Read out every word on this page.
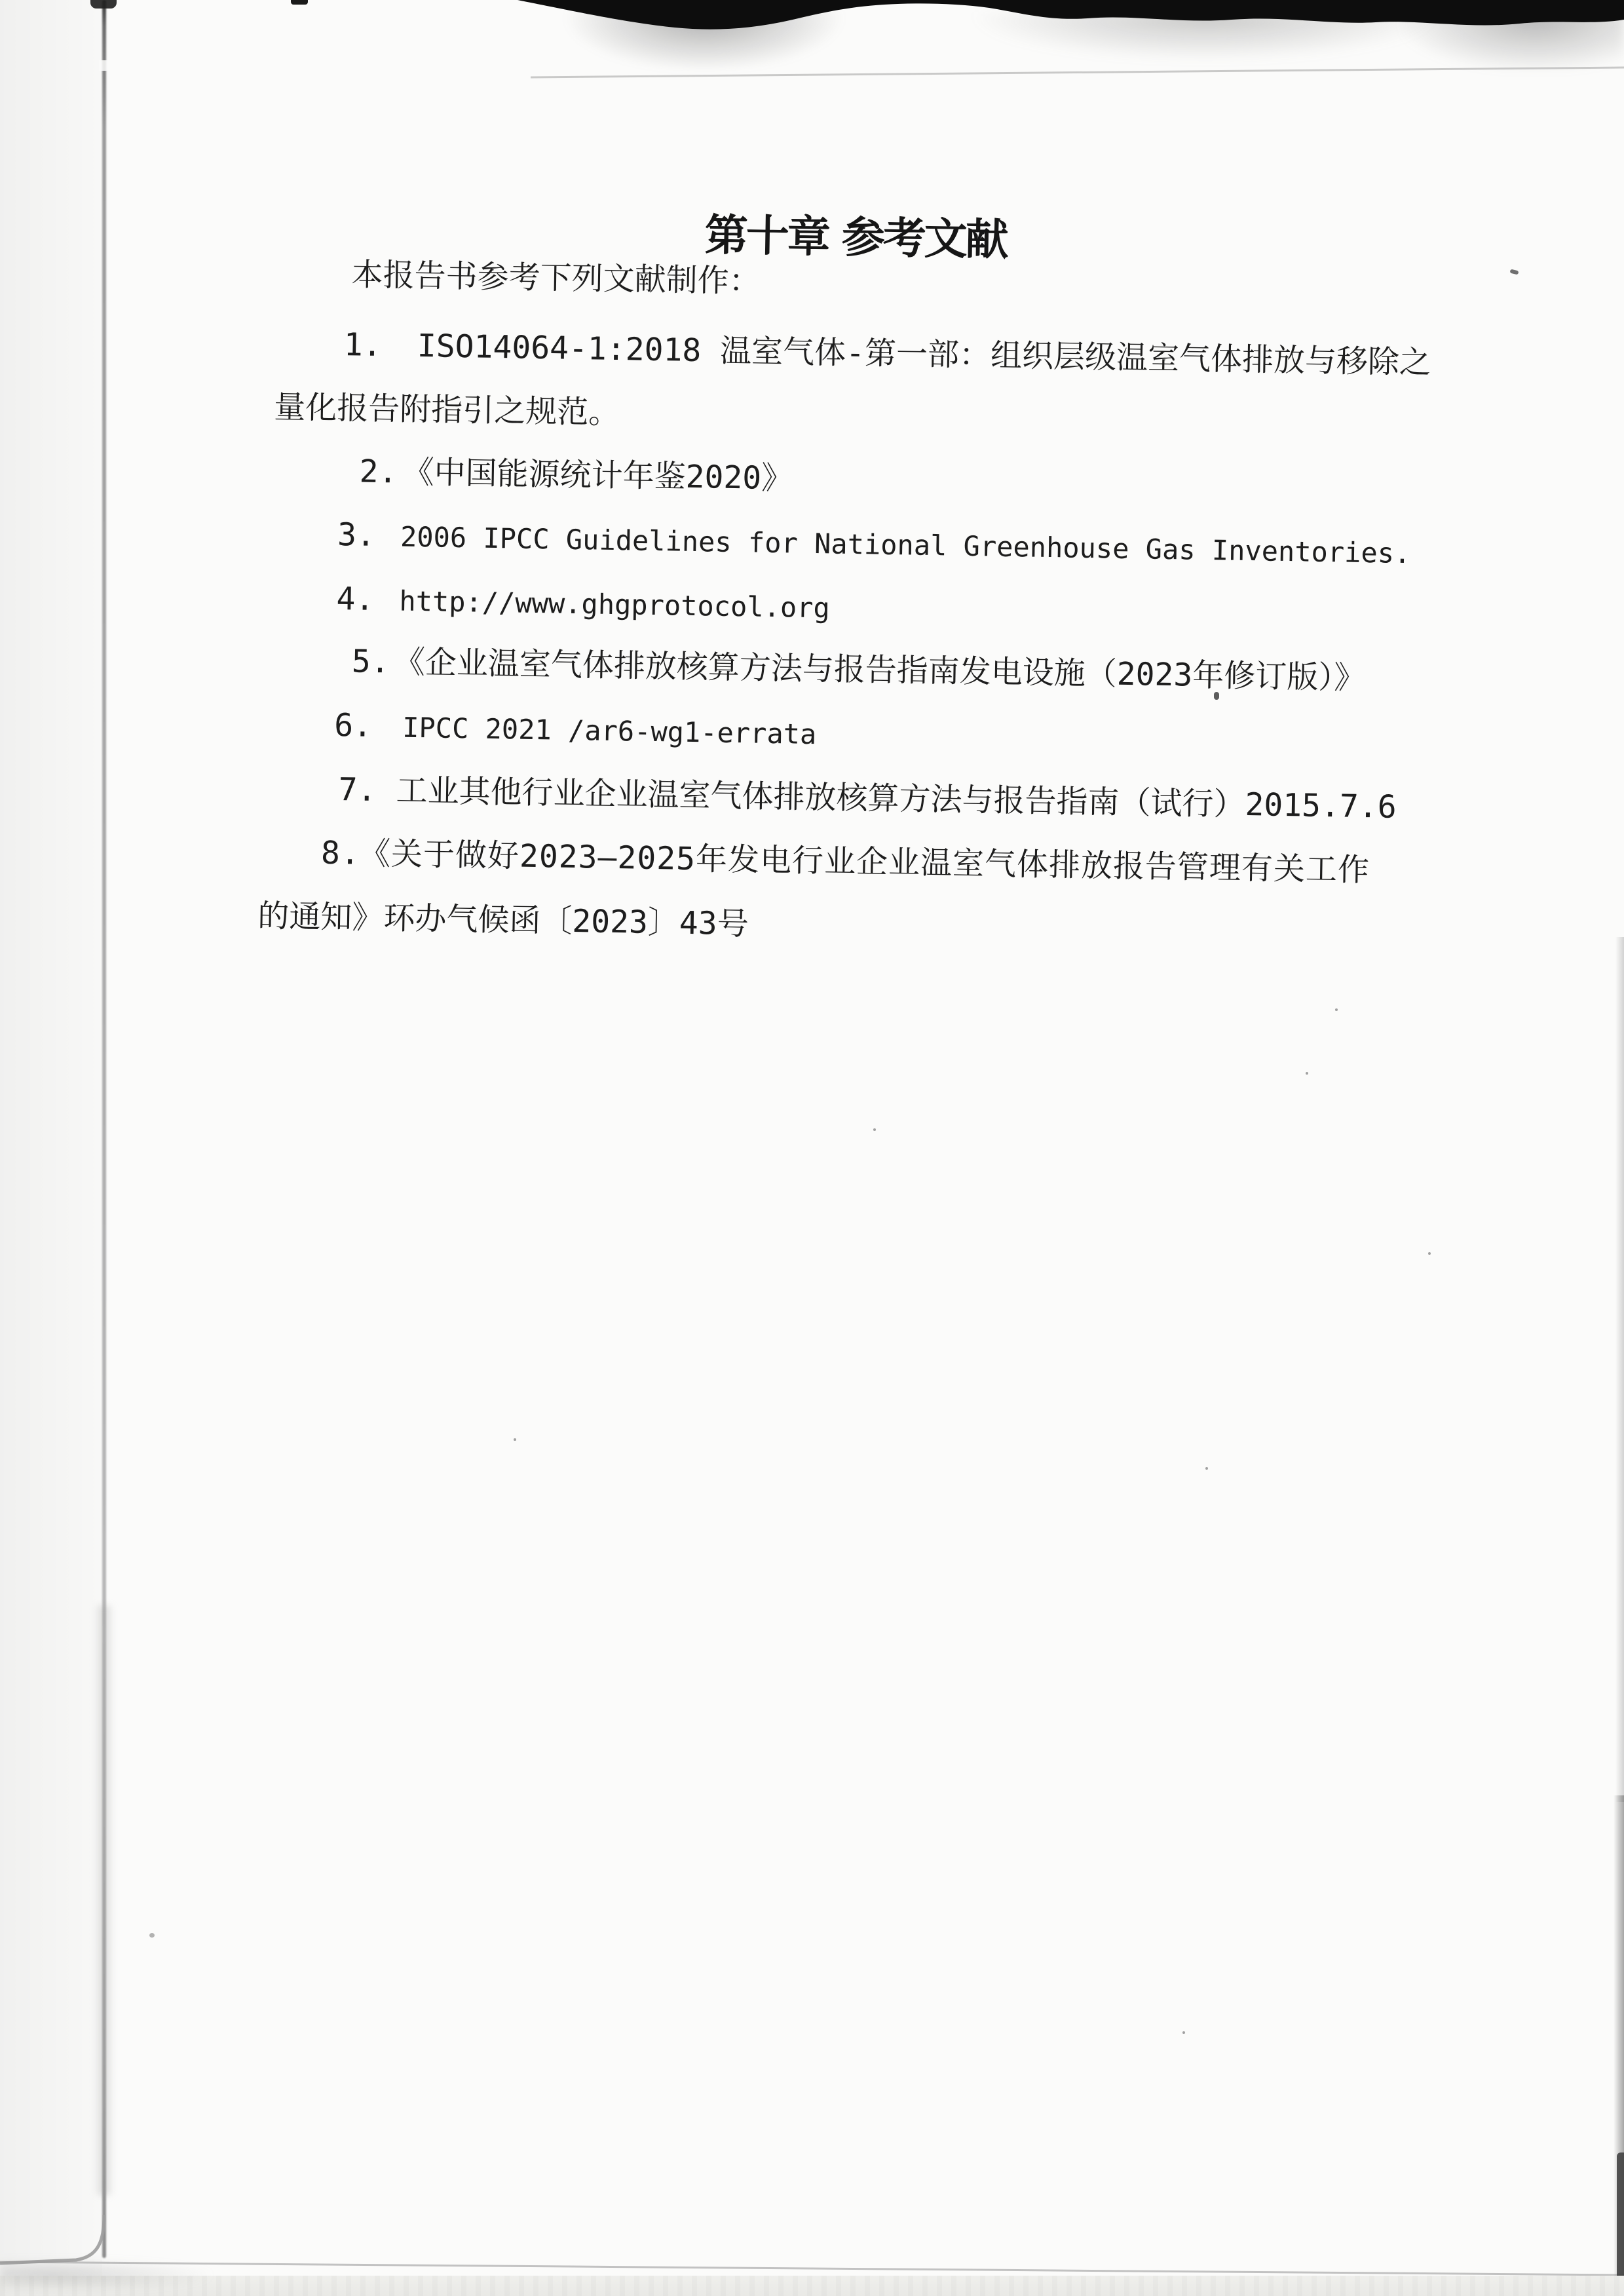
第十章 参考文献
本报告书参考下列文献制作：
1. ISO14064-1:2018 温室气体-第一部：组织层级温室气体排放与移除之
量化报告附指引之规范。
2. 《中国能源统计年鉴2020》
3. 2006 IPCC Guidelines for National Greenhouse Gas Inventories.
4. http://www.ghgprotocol.org
5. 《企业温室气体排放核算方法与报告指南发电设施（2023年修订版）》
6. IPCC 2021 /ar6-wg1-errata
7. 工业其他行业企业温室气体排放核算方法与报告指南（试行）2015.7.6
8.《关于做好2023—2025年发电行业企业温室气体排放报告管理有关工作
的通知》环办气候函〔2023〕43号
